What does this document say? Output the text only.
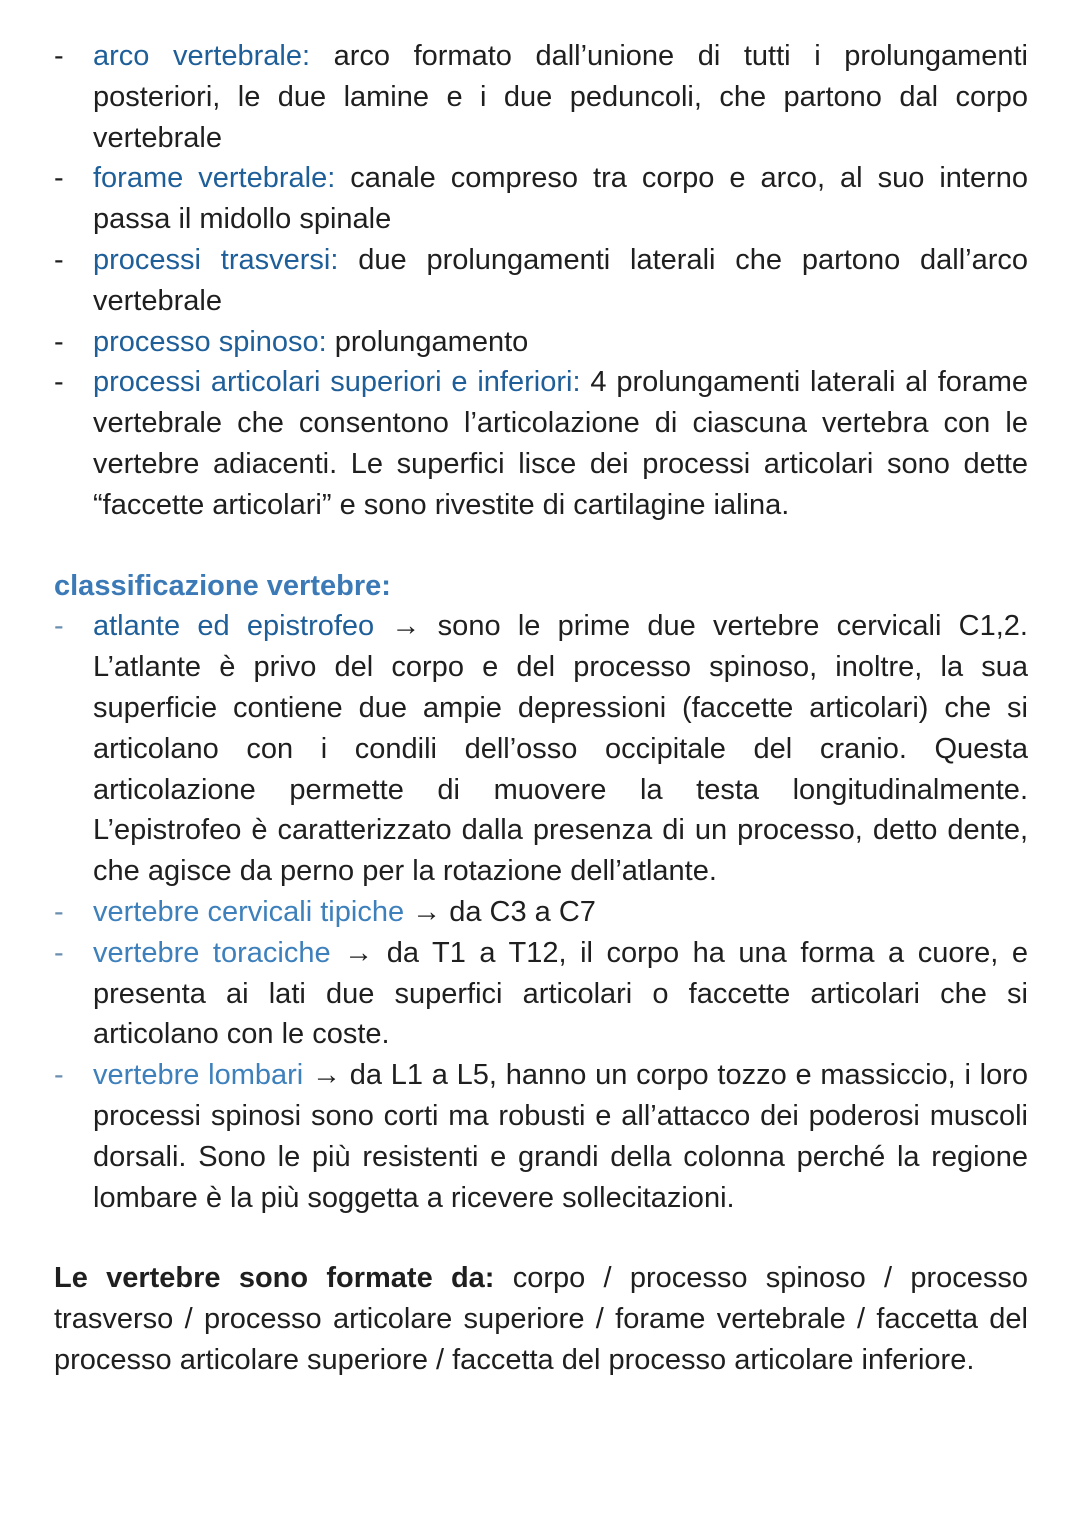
-	arco vertebrale: arco formato dall’unione di tutti i prolungamenti posteriori, le due lamine e i due peduncoli, che partono dal corpo vertebrale
-	forame vertebrale: canale compreso tra corpo e arco, al suo interno passa il midollo spinale
-	processi trasversi: due prolungamenti laterali che partono dall’arco vertebrale
-	processo spinoso: prolungamento
-	processi articolari superiori e inferiori: 4 prolungamenti laterali al forame vertebrale che consentono l’articolazione di ciascuna vertebra con le vertebre adiacenti. Le superfici lisce dei processi articolari sono dette “faccette articolari” e sono rivestite di cartilagine ialina.
classificazione vertebre:
-	atlante ed epistrofeo → sono le prime due vertebre cervicali C1,2. L’atlante è privo del corpo e del processo spinoso, inoltre, la sua superficie contiene due ampie depressioni (faccette articolari) che si articolano con i condili dell’osso occipitale del cranio. Questa articolazione permette di muovere la testa longitudinalmente. L’epistrofeo è caratterizzato dalla presenza di un processo, detto dente, che agisce da perno per la rotazione dell’atlante.
-	vertebre cervicali tipiche → da C3 a C7
-	vertebre toraciche → da T1 a T12, il corpo ha una forma a cuore, e presenta ai lati due superfici articolari o faccette articolari che si articolano con le coste.
-	vertebre lombari → da L1 a L5, hanno un corpo tozzo e massiccio, i loro processi spinosi sono corti ma robusti e all’attacco dei poderosi muscoli dorsali. Sono le più resistenti e grandi della colonna perché la regione lombare è la più soggetta a ricevere sollecitazioni.
Le vertebre sono formate da: corpo / processo spinoso / processo trasverso / processo articolare superiore / forame vertebrale / faccetta del processo articolare superiore / faccetta del processo articolare inferiore.
